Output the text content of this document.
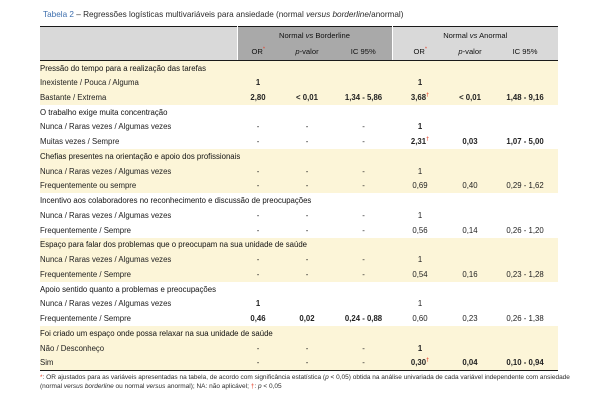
Tabela 2 – Regressões logísticas multivariáveis para ansiedade (normal versus borderline/anormal)
	Normal vs Borderline			Normal vs Anormal		
	OR*	p-valor	IC 95%	OR*	p-valor	IC 95%
Pressão do tempo para a realização das tarefas						
Inexistente / Pouca / Alguma	1			1		
Bastante / Extrema	2,80	< 0,01	1,34 - 5,86	3,68†	< 0,01	1,48 - 9,16
O trabalho exige muita concentração						
Nunca / Raras vezes / Algumas vezes	-	-	-	1		
Muitas vezes / Sempre	-	-	-	2,31†	0,03	1,07 - 5,00
Chefias presentes na orientação e apoio dos profissionais						
Nunca / Raras vezes / Algumas vezes	-	-	-	1		
Frequentemente ou sempre	-	-	-	0,69	0,40	0,29 - 1,62
Incentivo aos colaboradores no reconhecimento e discussão de preocupações						
Nunca / Raras vezes / Algumas vezes	-	-	-	1		
Frequentemente / Sempre	-	-	-	0,56	0,14	0,26 - 1,20
Espaço para falar dos problemas que o preocupam na sua unidade de saúde						
Nunca / Raras vezes / Algumas vezes	-	-	-	1		
Frequentemente / Sempre	-	-	-	0,54	0,16	0,23 - 1,28
Apoio sentido quanto a problemas e preocupações						
Nunca / Raras vezes / Algumas vezes	1			1		
Frequentemente / Sempre	0,46	0,02	0,24 - 0,88	0,60	0,23	0,26 - 1,38
Foi criado um espaço onde possa relaxar na sua unidade de saúde						
Não / Desconheço	-	-	-	1		
Sim	-	-	-	0,30†	0,04	0,10 - 0,94
*: OR ajustados para as variáveis apresentadas na tabela, de acordo com significância estatística (p < 0,05) obtida na análise univariada de cada variável independente com ansiedade
(normal versus borderline ou normal versus anormal); NA: não aplicável; †: p < 0,05
